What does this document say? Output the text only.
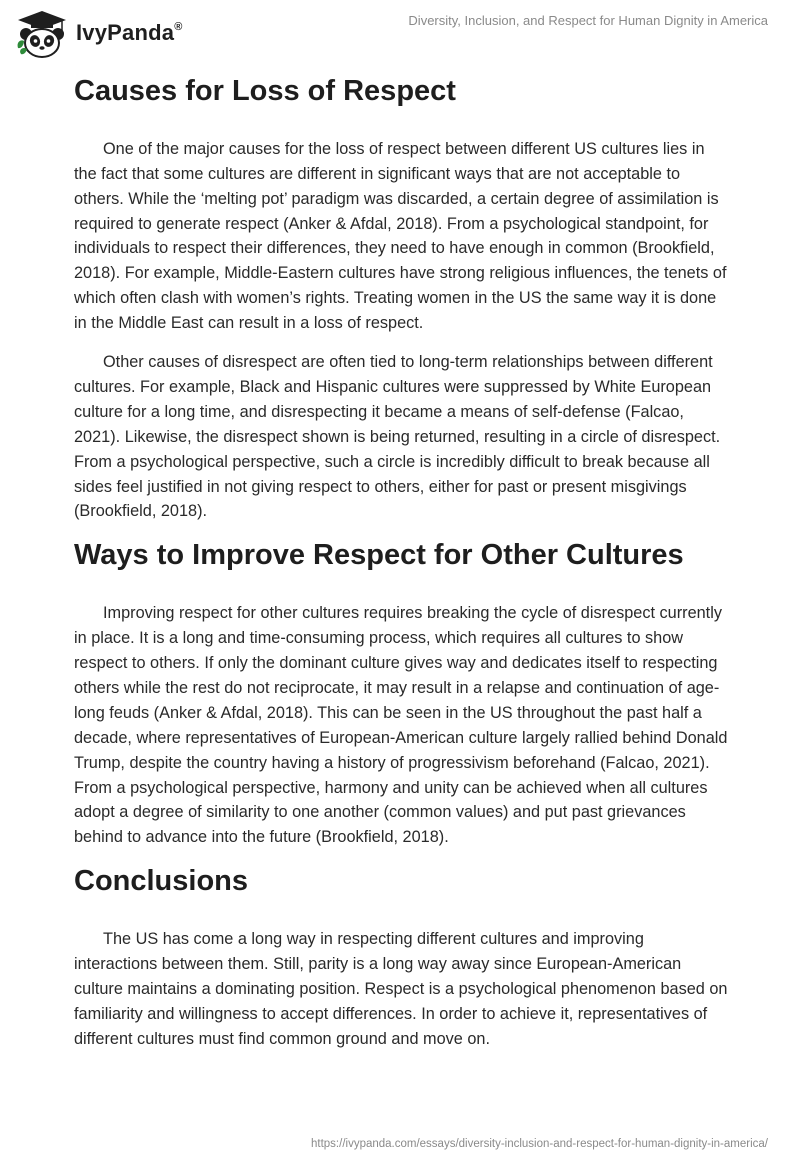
IvyPanda®	Diversity, Inclusion, and Respect for Human Dignity in America
Causes for Loss of Respect

One of the major causes for the loss of respect between different US cultures lies in the fact that some cultures are different in significant ways that are not acceptable to others. While the ‘melting pot’ paradigm was discarded, a certain degree of assimilation is required to generate respect (Anker & Afdal, 2018). From a psychological standpoint, for individuals to respect their differences, they need to have enough in common (Brookfield, 2018). For example, Middle-Eastern cultures have strong religious influences, the tenets of which often clash with women’s rights. Treating women in the US the same way it is done in the Middle East can result in a loss of respect.

Other causes of disrespect are often tied to long-term relationships between different cultures. For example, Black and Hispanic cultures were suppressed by White European culture for a long time, and disrespecting it became a means of self-defense (Falcao, 2021). Likewise, the disrespect shown is being returned, resulting in a circle of disrespect. From a psychological perspective, such a circle is incredibly difficult to break because all sides feel justified in not giving respect to others, either for past or present misgivings (Brookfield, 2018).

Ways to Improve Respect for Other Cultures

Improving respect for other cultures requires breaking the cycle of disrespect currently in place. It is a long and time-consuming process, which requires all cultures to show respect to others. If only the dominant culture gives way and dedicates itself to respecting others while the rest do not reciprocate, it may result in a relapse and continuation of age-long feuds (Anker & Afdal, 2018). This can be seen in the US throughout the past half a decade, where representatives of European-American culture largely rallied behind Donald Trump, despite the country having a history of progressivism beforehand (Falcao, 2021). From a psychological perspective, harmony and unity can be achieved when all cultures adopt a degree of similarity to one another (common values) and put past grievances behind to advance into the future (Brookfield, 2018).

Conclusions

The US has come a long way in respecting different cultures and improving interactions between them. Still, parity is a long way away since European-American culture maintains a dominating position. Respect is a psychological phenomenon based on familiarity and willingness to accept differences. In order to achieve it, representatives of different cultures must find common ground and move on.

https://ivypanda.com/essays/diversity-inclusion-and-respect-for-human-dignity-in-america/
